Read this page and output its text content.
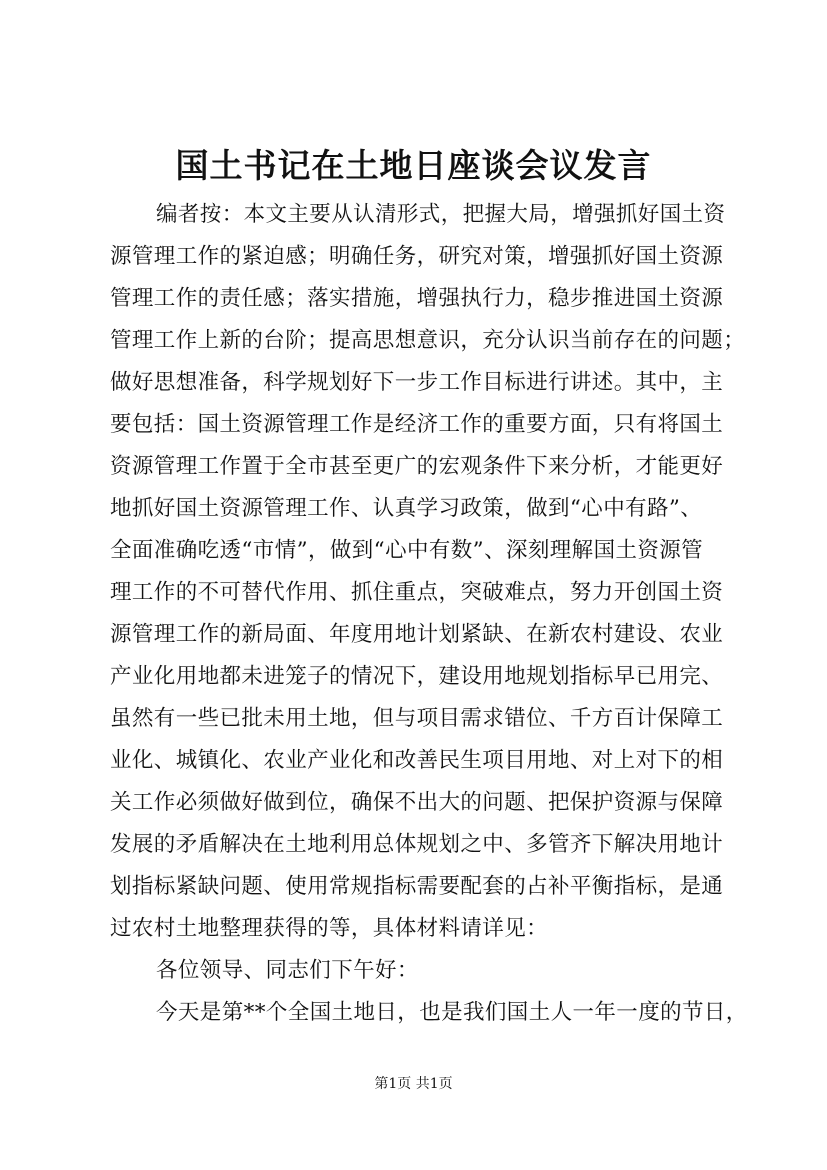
国土书记在土地日座谈会议发言
编者按：本文主要从认清形式，把握大局，增强抓好国土资
源管理工作的紧迫感；明确任务，研究对策，增强抓好国土资源
管理工作的责任感；落实措施，增强执行力，稳步推进国土资源
管理工作上新的台阶；提高思想意识，充分认识当前存在的问题；
做好思想准备，科学规划好下一步工作目标进行讲述。其中，主
要包括：国土资源管理工作是经济工作的重要方面，只有将国土
资源管理工作置于全市甚至更广的宏观条件下来分析，才能更好
地抓好国土资源管理工作、认真学习政策，做到“心中有路”、
全面准确吃透“市情”，做到“心中有数”、深刻理解国土资源管
理工作的不可替代作用、抓住重点，突破难点，努力开创国土资
源管理工作的新局面、年度用地计划紧缺、在新农村建设、农业
产业化用地都未进笼子的情况下，建设用地规划指标早已用完、
虽然有一些已批未用土地，但与项目需求错位、千方百计保障工
业化、城镇化、农业产业化和改善民生项目用地、对上对下的相
关工作必须做好做到位，确保不出大的问题、把保护资源与保障
发展的矛盾解决在土地利用总体规划之中、多管齐下解决用地计
划指标紧缺问题、使用常规指标需要配套的占补平衡指标，是通
过农村土地整理获得的等，具体材料请详见：
各位领导、同志们下午好：
今天是第**个全国土地日，也是我们国土人一年一度的节日，
第1页 共1页
